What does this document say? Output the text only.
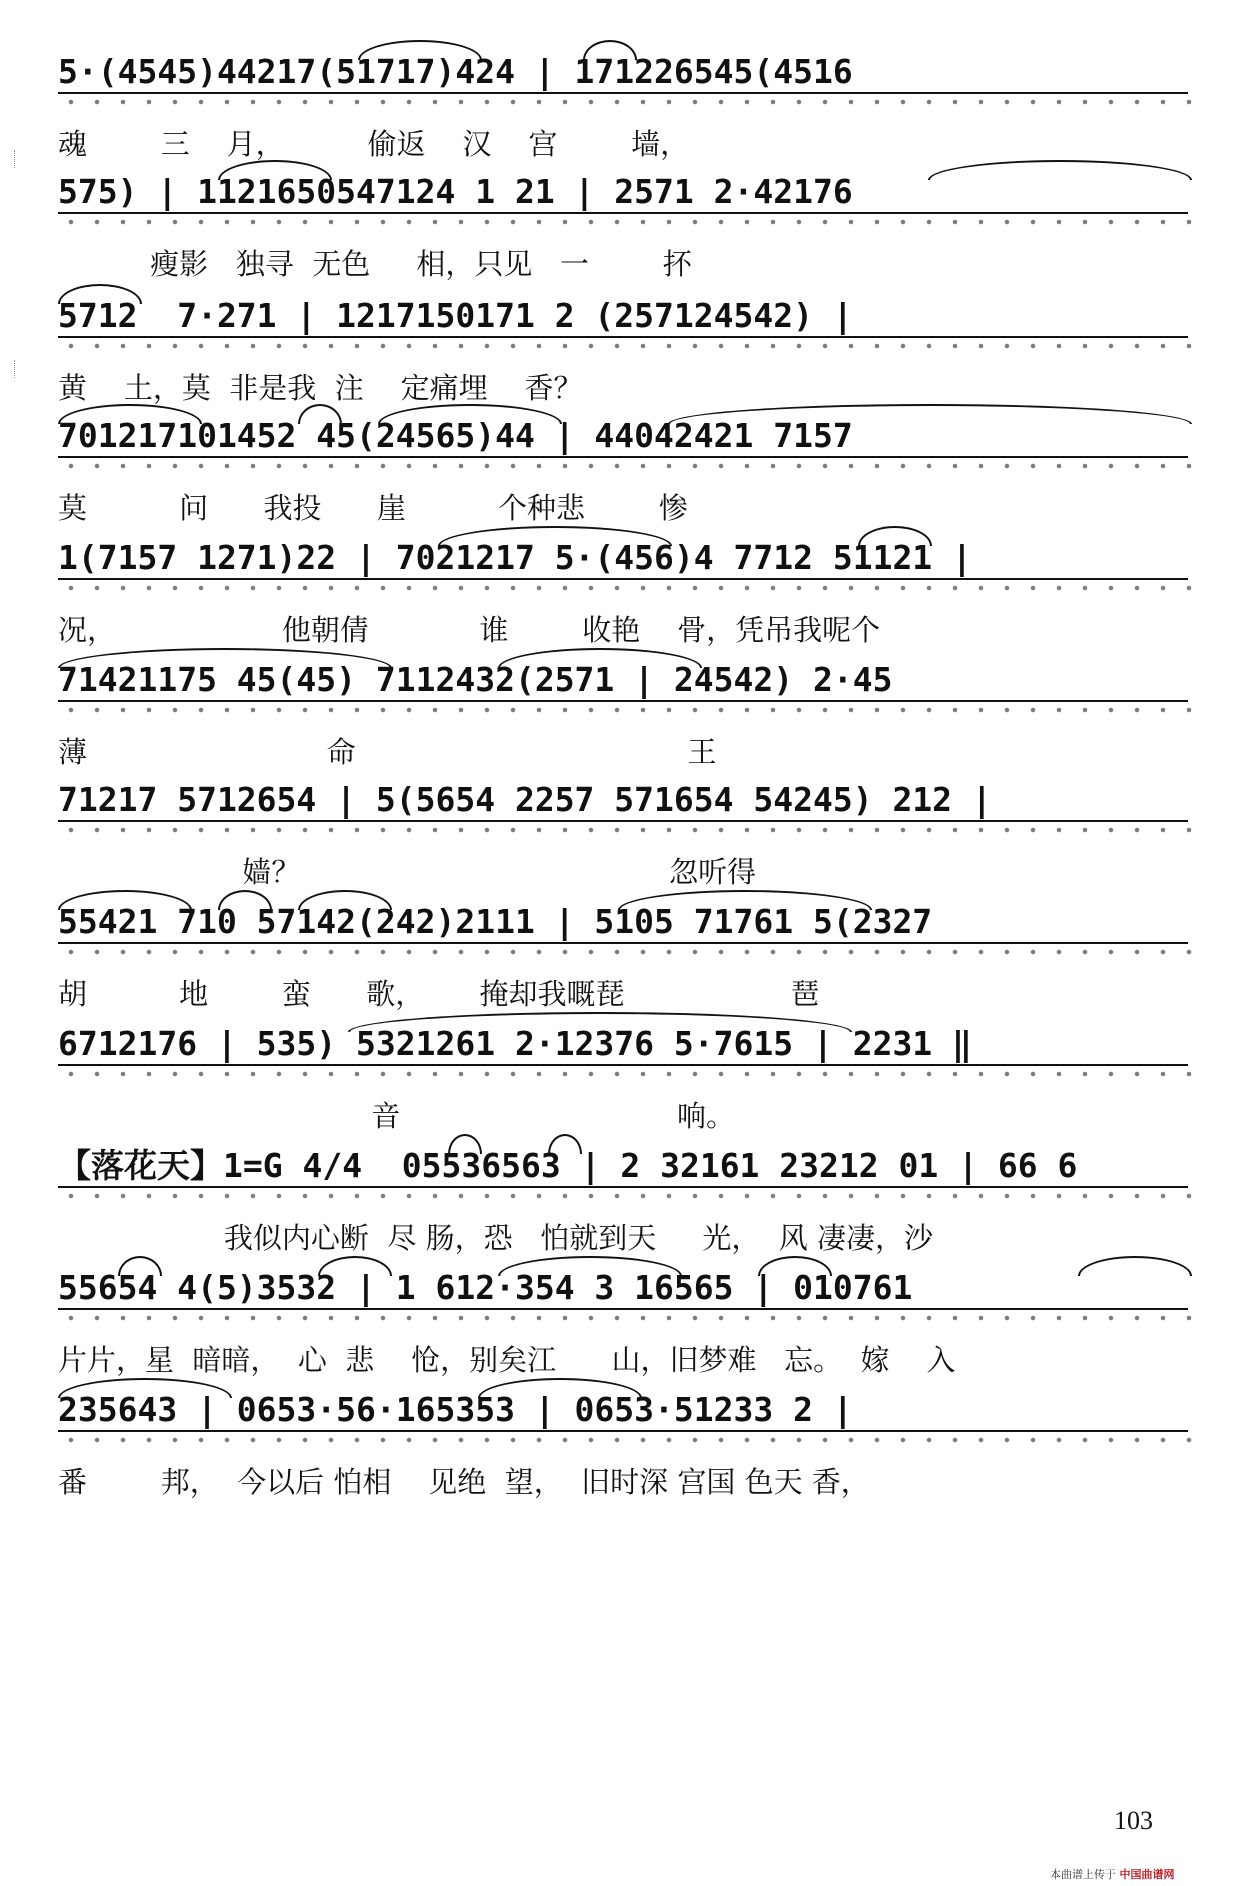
5·(4545)44217(51717)424 | 171226545(4516
魂        三    月，         偷返    汉    宫        墙，
575) | 1121650547124 1 21 | 2571 2·42176
瘦影   独寻  无色     相，只见   一        抔
5712  7·271 | 1217150171 2 (257124542) |
黄    土，莫  非是我  注    定痛埋    香？
701217101452 45(24565)44 | 44042421 7157
莫          问      我投      崖          个种悲        惨
1(7157 1271)22 | 7021217 5·(456)4 7712 51121 |
况，                  他朝倩            谁        收艳    骨，凭吊我呢个
71421175 45(45) 7112432(2571 | 24542) 2·45
薄                          命                                    王
71217 5712654 | 5(5654 2257 571654 54245) 212 |
嫱？                                        忽听得
55421 710 57142(242)2111 | 5105 71761 5(2327
胡          地        蛮      歌，      掩却我嘅琵                  琶
6712176 | 535) 5321261 2·12376 5·7615 | 2231 ‖
音                              响。
【落花天】1=G 4/4  05536563 | 2 32161 23212 01 | 66 6
我似内心断  尽 肠，恐   怕就到天     光，  风 凄凄，沙
55654 4(5)3532 | 1 612·354 3 16565 | 010761
片片，星  暗暗，  心  悲    怆，别矣江      山，旧梦难   忘。  嫁    入
235643 | 0653·56·165353 | 0653·51233 2 |
番        邦，  今以后 怕相    见绝  望，  旧时深 宫国 色天 香，
103
本曲谱上传于 中国曲谱网
